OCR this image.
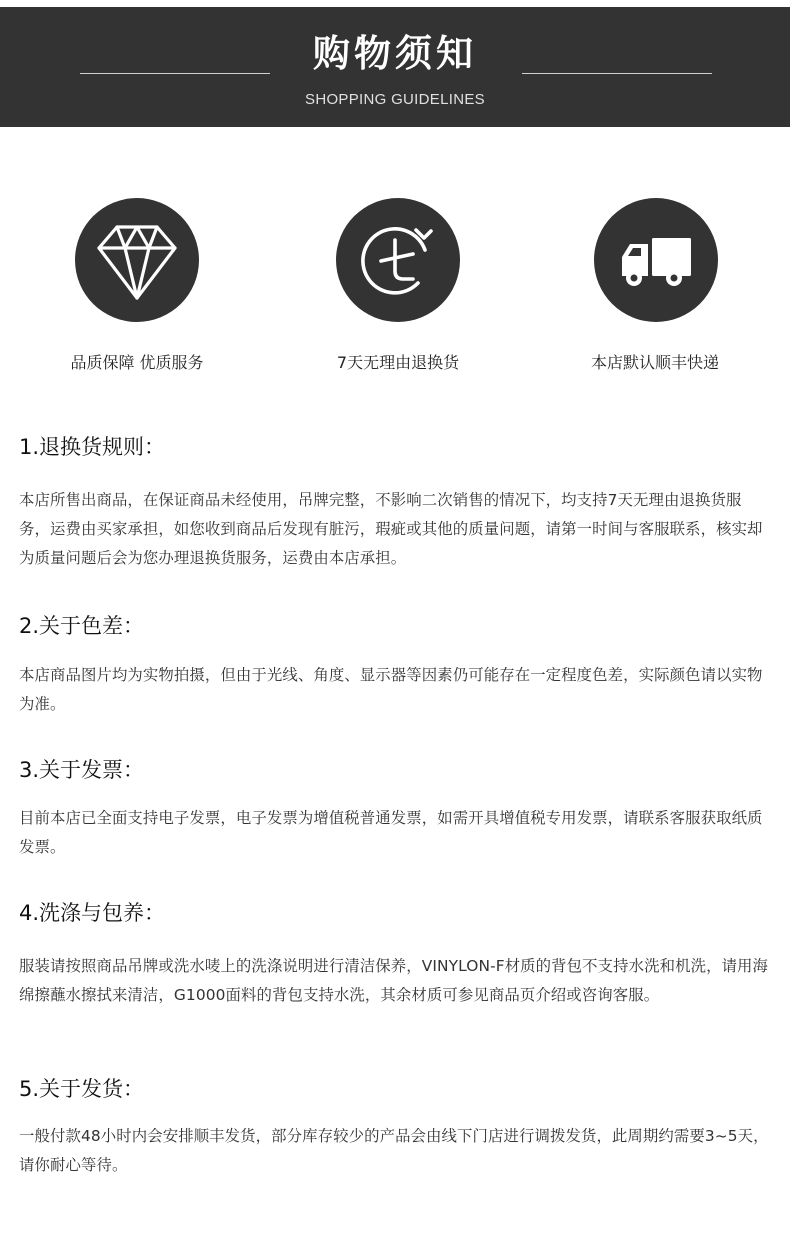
购物须知
SHOPPING GUIDELINES
品质保障 优质服务	7天无理由退换货	本店默认顺丰快递
1.退换货规则：
本店所售出商品，在保证商品未经使用，吊牌完整，不影响二次销售的情况下，均支持7天无理由退换货服务，运费由买家承担，如您收到商品后发现有脏污，瑕疵或其他的质量问题，请第一时间与客服联系，核实却为质量问题后会为您办理退换货服务，运费由本店承担。
2.关于色差：
本店商品图片均为实物拍摄，但由于光线、角度、显示器等因素仍可能存在一定程度色差，实际颜色请以实物为准。
3.关于发票：
目前本店已全面支持电子发票，电子发票为增值税普通发票，如需开具增值税专用发票，请联系客服获取纸质发票。
4.洗涤与包养：
服装请按照商品吊牌或洗水唛上的洗涤说明进行清洁保养，VINYLON-F材质的背包不支持水洗和机洗，请用海绵擦蘸水擦拭来清洁，G1000面料的背包支持水洗，其余材质可参见商品页介绍或咨询客服。
5.关于发货：
一般付款48小时内会安排顺丰发货，部分库存较少的产品会由线下门店进行调拨发货，此周期约需要3~5天，请你耐心等待。
